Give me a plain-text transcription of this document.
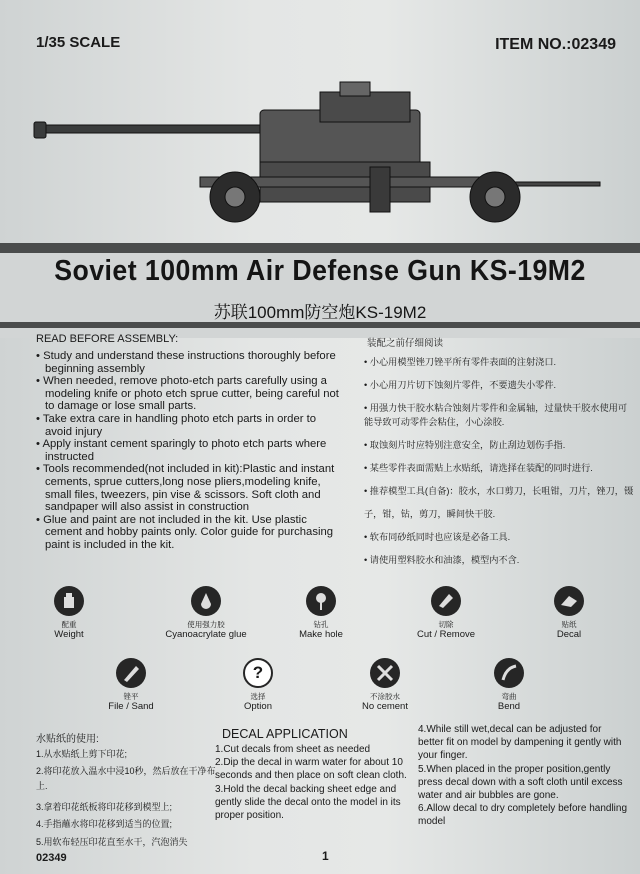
1/35 SCALE	ITEM NO.:02349
Soviet 100mm Air Defense Gun KS-19M2
苏联100mm防空炮KS-19M2
READ BEFORE ASSEMBLY:
• Study and understand these instructions thoroughly before beginning assembly
• When needed, remove photo-etch parts carefully using a modeling knife or photo etch sprue cutter, being careful not to damage or lose small parts.
• Take extra care in handling photo etch parts in order to avoid injury
• Apply instant cement sparingly to photo etch parts where instructed
• Tools recommended(not included in kit):Plastic and instant cements, sprue cutters,long nose pliers,modeling knife, small files, tweezers, pin vise & scissors. Soft cloth and sandpaper will also assist in construction
• Glue and paint are not included in the kit. Use plastic cement and hobby paints only. Color guide for purchasing paint is included in the kit.
装配之前仔细阅读
• 小心用模型锉刀锉平所有零件表面的注射浇口.
• 小心用刀片切下蚀刻片零件，不要遗失小零件.
• 用强力快干胶水粘合蚀刻片零件和金属轴，过量快干胶水使用可能导致可动零件会粘住，小心涂胶.
• 取蚀刻片时应特别注意安全，防止刮边划伤手指.
• 某些零件表面需贴上水贴纸，请选择在装配的同时进行.
• 推荐模型工具(自备)：胶水，水口剪刀，长咀钳，刀片，锉刀，镊子，钳，钻，剪刀，瞬间快干胶.
• 软布同砂纸同时也应该是必备工具.
• 请使用塑料胶水和油漆，模型内不含.
配重
Weight
使用强力胶
Cyanoacrylate glue
钻孔
Make hole
切除
Cut / Remove
贴纸
Decal
锉平
File / Sand
?
选择
Option
不涂胶水
No cement
弯曲
Bend
水贴纸的使用:
1.从水贴纸上剪下印花;
2.将印花放入温水中浸10秒，然后放在干净布上.
3.拿着印花纸板将印花移到模型上;
4.手指蘸水将印花移到适当的位置;
5.用软布轻压印花直至水干，汽泡消失
DECAL APPLICATION
1.Cut decals from sheet as needed
2.Dip the decal in warm water for about 10 seconds and then place on soft clean cloth.
3.Hold the decal backing sheet edge and gently slide the decal onto the model in its proper position.
4.While still wet,decal can be adjusted for better fit on model by dampening it gently with your finger.
5.When placed in the proper position,gently press decal down with a soft cloth until excess water and air bubbles are gone.
6.Allow decal to dry completely before handling model
02349	1
